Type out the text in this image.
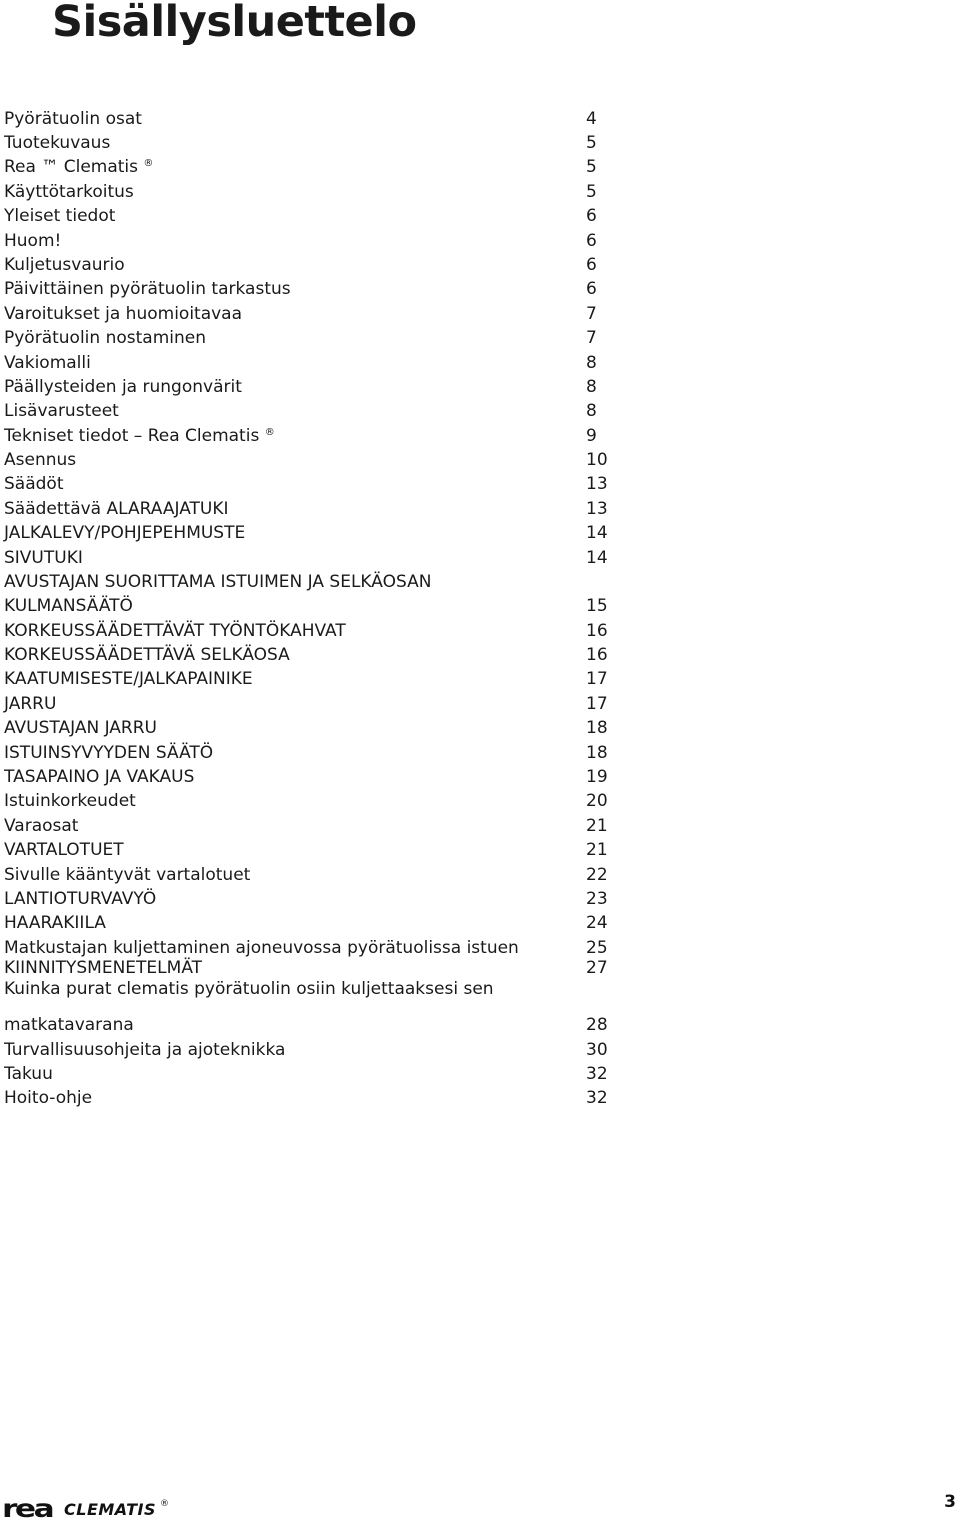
Sisällysluettelo
Pyörätuolin osat	4
Tuotekuvaus	5
Rea ™ Clematis ®	5
Käyttötarkoitus	5
Yleiset tiedot	6
Huom!	6
Kuljetusvaurio	6
Päivittäinen pyörätuolin tarkastus	6
Varoitukset ja huomioitavaa	7
Pyörätuolin nostaminen	7
Vakiomalli	8
Päällysteiden ja rungonvärit	8
Lisävarusteet	8
Tekniset tiedot – Rea Clematis ®	9
Asennus	10
Säädöt	13
Säädettävä ALARAAJATUKI	13
JALKALEVY/POHJEPEHMUSTE	14
SIVUTUKI	14
AVUSTAJAN SUORITTAMA ISTUIMEN JA SELKÄOSAN
KULMANSÄÄTÖ	15
KORKEUSSÄÄDETTÄVÄT TYÖNTÖKAHVAT	16
KORKEUSSÄÄDETTÄVÄ SELKÄOSA	16
KAATUMISESTE/JALKAPAINIKE	17
JARRU	17
AVUSTAJAN JARRU	18
ISTUINSYVYYDEN SÄÄTÖ	18
TASAPAINO JA VAKAUS	19
Istuinkorkeudet	20
Varaosat	21
VARTALOTUET	21
Sivulle kääntyvät vartalotuet	22
LANTIOTURVAVYÖ	23
HAARAKIILA	24
Matkustajan kuljettaminen ajoneuvossa pyörätuolissa istuen	25
KIINNITYSMENETELMÄT	27
Kuinka purat clematis pyörätuolin osiin kuljettaaksesi sen
matkatavarana	28
Turvallisuusohjeita ja ajoteknikka	30
Takuu	32
Hoito-ohje	32
rea CLEMATIS ®	3
